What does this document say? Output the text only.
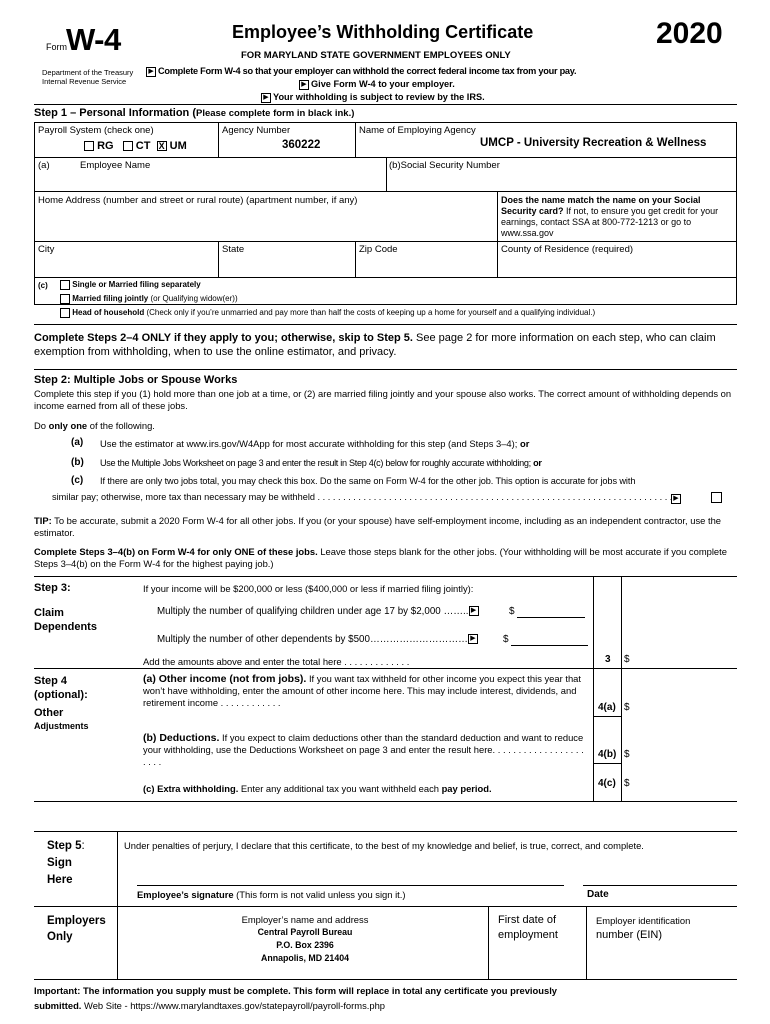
Form W-4
Department of the Treasury
Internal Revenue Service
Employee’s Withholding Certificate
FOR MARYLAND STATE GOVERNMENT EMPLOYEES ONLY
2020
▶ Complete Form W-4 so that your employer can withhold the correct federal income tax from your pay.
▶ Give Form W-4 to your employer.
▶ Your withholding is subject to review by the IRS.
Step 1 – Personal Information (Please complete form in black ink.)
Payroll System (check one)
RG CT X UM
Agency Number
360222
Name of Employing Agency
UMCP - University Recreation & Wellness
(a)	Employee Name	(b)Social Security Number
Home Address (number and street or rural route) (apartment number, if any)	Does the name match the name on your Social Security card? If not, to ensure you get credit for your earnings, contact SSA at 800-772-1213 or go to www.ssa.gov
City	State	Zip Code	County of Residence (required)
(c)	Single or Married filing separately
Married filing jointly (or Qualifying widow(er))
Head of household (Check only if you’re unmarried and pay more than half the costs of keeping up a home for yourself and a qualifying individual.)
Complete Steps 2–4 ONLY if they apply to you; otherwise, skip to Step 5. See page 2 for more information on each step, who can claim exemption from withholding, when to use the online estimator, and privacy.
Step 2: Multiple Jobs or Spouse Works
Complete this step if you (1) hold more than one job at a time, or (2) are married filing jointly and your spouse also works. The correct amount of withholding depends on income earned from all of these jobs.
Do only one of the following.
(a) Use the estimator at www.irs.gov/W4App for most accurate withholding for this step (and Steps 3–4); or
(b) Use the Multiple Jobs Worksheet on page 3 and enter the result in Step 4(c) below for roughly accurate withholding; or
(c) If there are only two jobs total, you may check this box. Do the same on Form W-4 for the other job. This option is accurate for jobs with
similar pay; otherwise, more tax than necessary may be withheld . . . . . . . . . . . . . . . . . . . . . . . . . . . . . . . . . . . . . . . . . . . . . . . . . . . . . . . . . . . . . . . . . . . . . . ▶
TIP: To be accurate, submit a 2020 Form W-4 for all other jobs. If you (or your spouse) have self-employment income, including as an independent contractor, use the estimator.
Complete Steps 3–4(b) on Form W-4 for only ONE of these jobs. Leave those steps blank for the other jobs. (Your withholding will be most accurate if you complete Steps 3–4(b) on the Form W-4 for the highest paying job.)
Step 3:
Claim
Dependents
If your income will be $200,000 or less ($400,000 or less if married filing jointly):
Multiply the number of qualifying children under age 17 by $2,000 …….. ▶	$
Multiply the number of other dependents by $500………………………… ▶	$
Add the amounts above and enter the total here . . . . . . . . . . . . .	3 $
Step 4
(optional):
Other
Adjustments
(a) Other income (not from jobs). If you want tax withheld for other income you expect this year that won’t have withholding, enter the amount of other income here. This may include interest, dividends, and retirement income . . . . . . . . . . . .	4(a) $
(b) Deductions. If you expect to claim deductions other than the standard deduction and want to reduce your withholding, use the Deductions Worksheet on page 3 and enter the result here. . . . . . . . . . . . . . . . . . . . . .
4(b) $
(c) Extra withholding. Enter any additional tax you want withheld each pay period.	4(c) $
Step 5:
Sign
Here
Under penalties of perjury, I declare that this certificate, to the best of my knowledge and belief, is true, correct, and complete.
Employee’s signature (This form is not valid unless you sign it.)	Date
Employers
Only
Employer’s name and address
Central Payroll Bureau
P.O. Box 2396
Annapolis, MD 21404
First date of
employment
Employer identification
number (EIN)
Important: The information you supply must be complete. This form will replace in total any certificate you previously
submitted. Web Site - https://www.marylandtaxes.gov/statepayroll/payroll-forms.php
